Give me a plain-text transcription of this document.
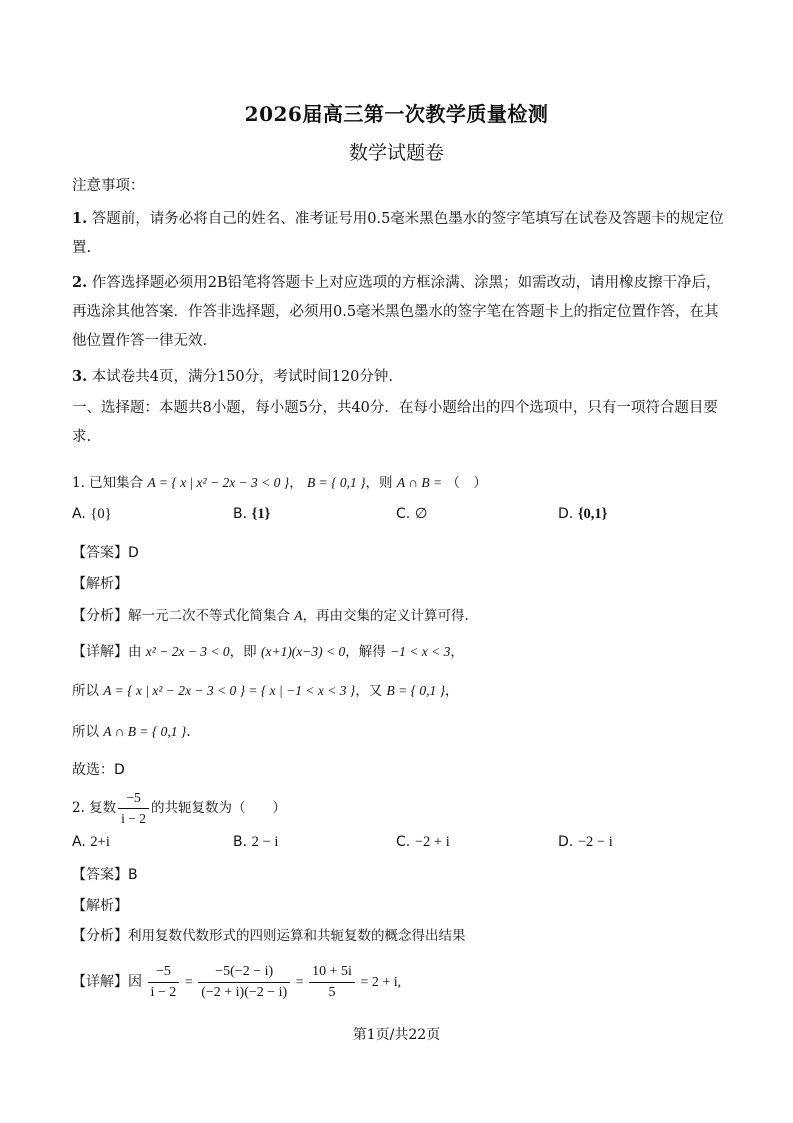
2026届高三第一次教学质量检测
数学试题卷
注意事项：
1. 答题前，请务必将自己的姓名、准考证号用0.5毫米黑色墨水的签字笔填写在试卷及答题卡的规定位置.
2. 作答选择题必须用2B铅笔将答题卡上对应选项的方框涂满、涂黑；如需改动，请用橡皮擦干净后，再选涂其他答案．作答非选择题，必须用0.5毫米黑色墨水的签字笔在答题卡上的指定位置作答，在其他位置作答一律无效.
3. 本试卷共4页，满分150分，考试时间120分钟.
一、选择题：本题共8小题，每小题5分，共40分．在每小题给出的四个选项中，只有一项符合题目要求.
1. 已知集合 A = { x | x² − 2x − 3 < 0 }， B = { 0,1 }，则 A ∩ B = （　）
A. {0}	B. {1}	C. ∅	D. {0,1}
【答案】D
【解析】
【分析】解一元二次不等式化简集合 A，再由交集的定义计算可得.
【详解】由 x² − 2x − 3 < 0，即 (x+1)(x−3) < 0，解得 −1 < x < 3，
所以 A = { x | x² − 2x − 3 < 0 } = { x | −1 < x < 3 }，又 B = { 0,1 }，
所以 A ∩ B = { 0,1 }.
故选：D
2. 复数 $\frac{-5}{i - 2}$ 的共轭复数为（　　）
A. 2+i	B. 2 − i	C. −2 + i	D. −2 − i
【答案】B
【解析】
【分析】利用复数代数形式的四则运算和共轭复数的概念得出结果
【详解】因 $\frac{-5}{i - 2} = \frac{-5(-2 - i)}{(-2 + i)(-2 - i)} = \frac{10 + 5i}{5} = 2 + i$,
第1页/共22页
